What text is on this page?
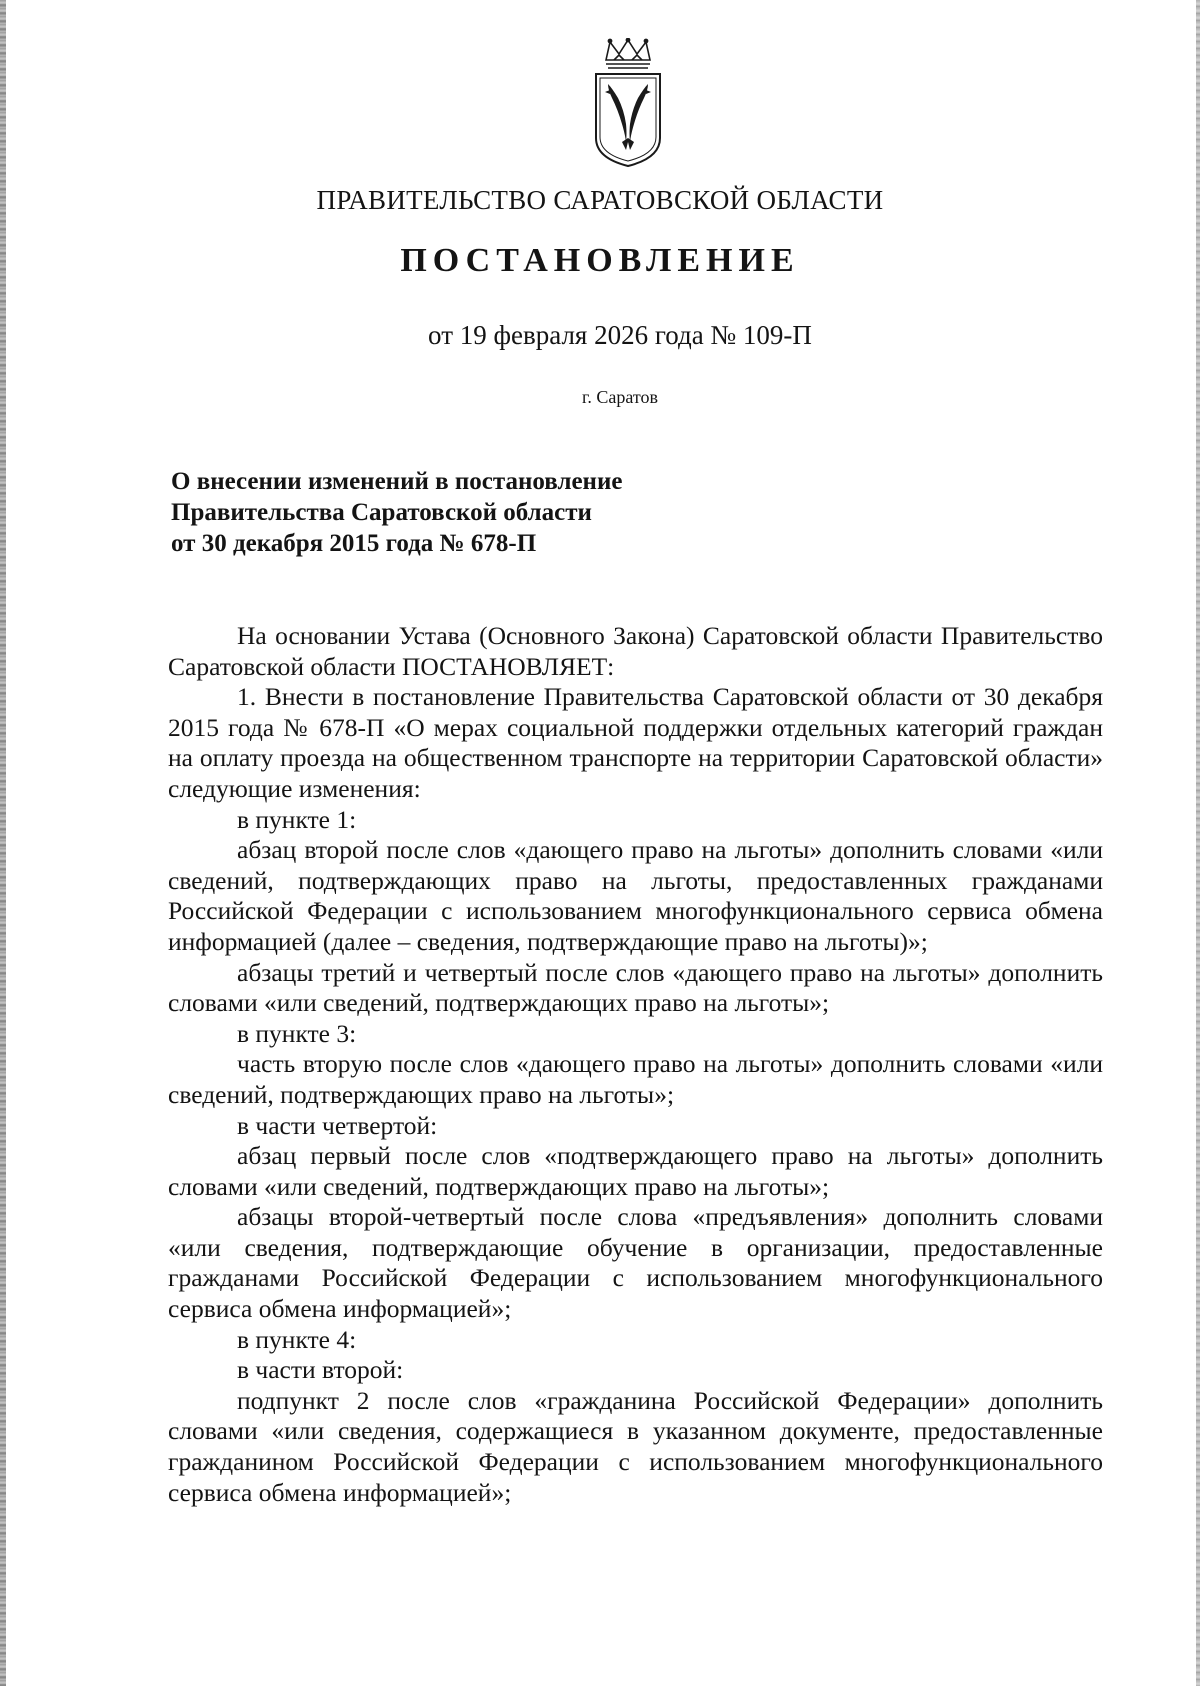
ПРАВИТЕЛЬСТВО САРАТОВСКОЙ ОБЛАСТИ
ПОСТАНОВЛЕНИЕ
от 19 февраля 2026 года № 109-П
г. Саратов
О внесении изменений в постановление
Правительства Саратовской области
от 30 декабря 2015 года № 678-П

На основании Устава (Основного Закона) Саратовской области Правительство Саратовской области ПОСТАНОВЛЯЕТ:

1. Внести в постановление Правительства Саратовской области от 30 декабря 2015 года № 678-П «О мерах социальной поддержки отдельных категорий граждан на оплату проезда на общественном транспорте на территории Саратовской области» следующие изменения:

в пункте 1:

абзац второй после слов «дающего право на льготы» дополнить словами «или сведений, подтверждающих право на льготы, предоставленных гражданами Российской Федерации с использованием многофункционального сервиса обмена информацией (далее – сведения, подтверждающие право на льготы)»;

абзацы третий и четвертый после слов «дающего право на льготы» дополнить словами «или сведений, подтверждающих право на льготы»;

в пункте 3:

часть вторую после слов «дающего право на льготы» дополнить словами «или сведений, подтверждающих право на льготы»;

в части четвертой:

абзац первый после слов «подтверждающего право на льготы» дополнить словами «или сведений, подтверждающих право на льготы»;

абзацы второй-четвертый после слова «предъявления» дополнить словами «или сведения, подтверждающие обучение в организации, предоставленные гражданами Российской Федерации с использованием многофункционального сервиса обмена информацией»;

в пункте 4:

в части второй:

подпункт 2 после слов «гражданина Российской Федерации» дополнить словами «или сведения, содержащиеся в указанном документе, предоставленные гражданином Российской Федерации с использованием многофункционального сервиса обмена информацией»;
